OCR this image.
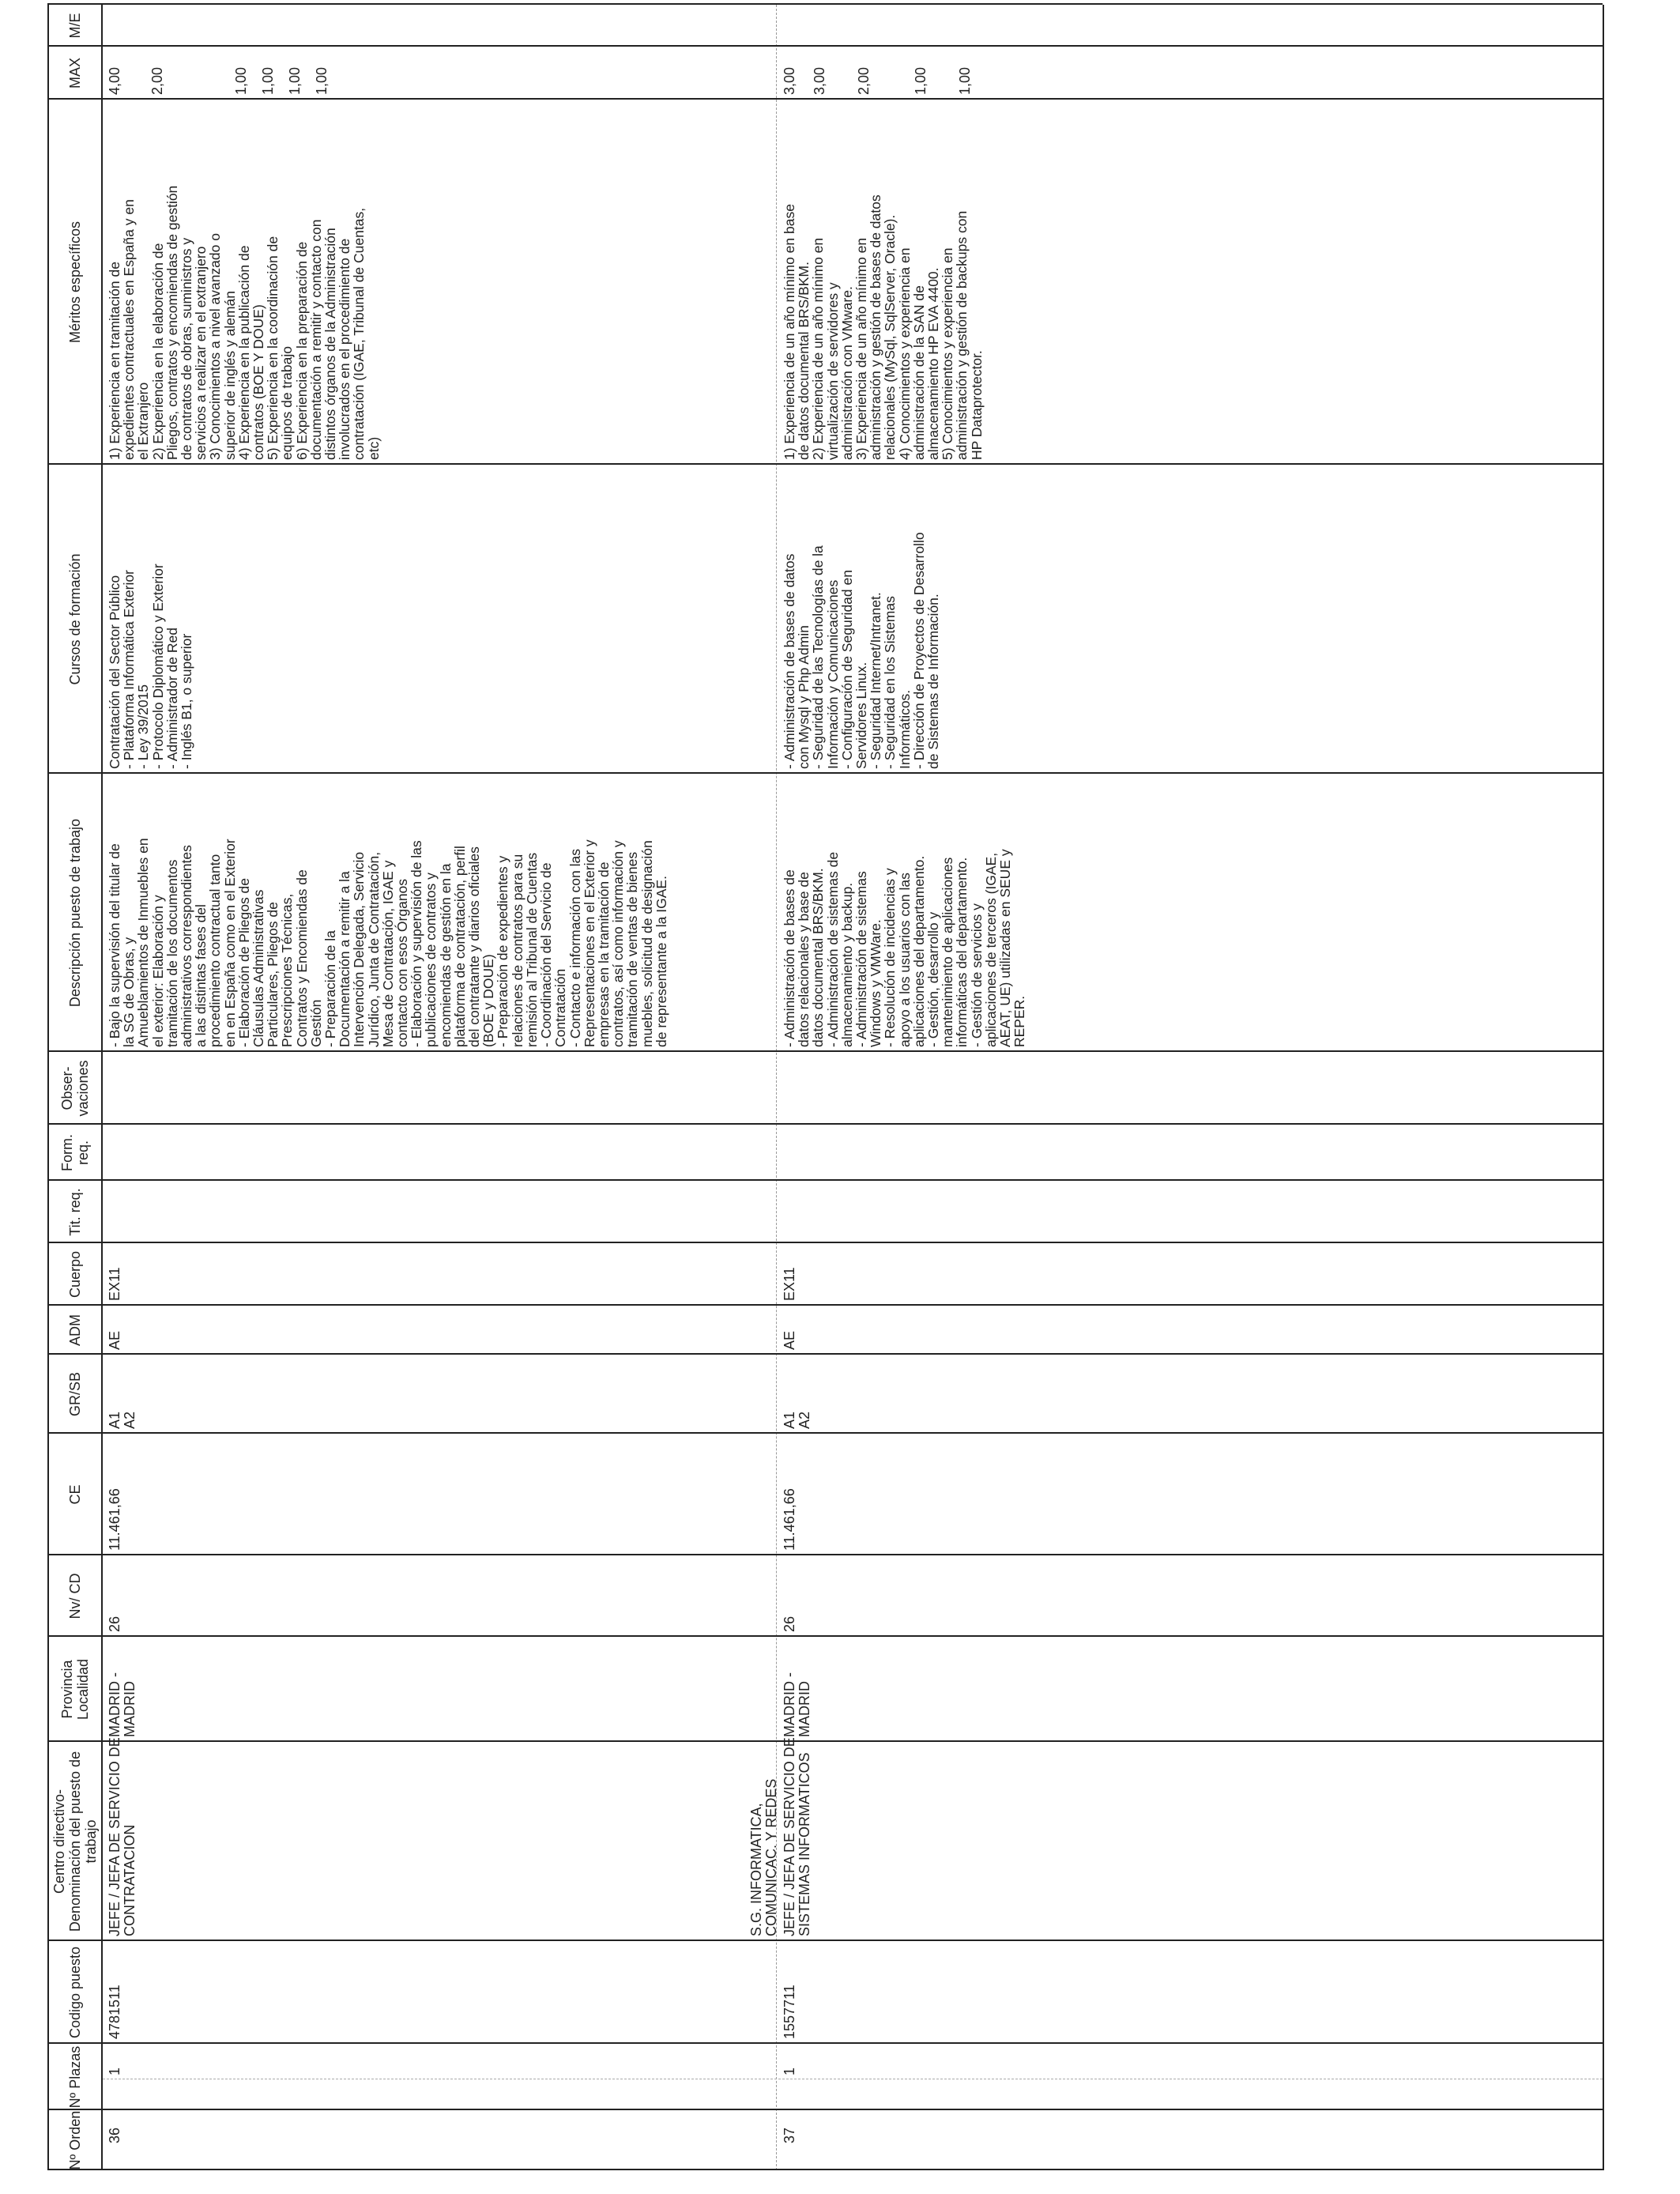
Nº Orden
Nº Plazas
Codigo puesto
Centro directivo- Denominación del puesto de trabajo
Provincia Localidad
Nv/ CD
CE
GR/SB
ADM
Cuerpo
Tit. req.
Form. req.
Obser- vaciones
Descripción puesto de trabajo
Cursos de formación
Méritos específicos
MAX
M/E
36
1
4781511
JEFE / JEFA DE SERVICIO DE
CONTRATACION
MADRID -
MADRID
26
11.461,66
A1
A2
AE
EX11
- Bajo la supervisión del titular de
la SG de Obras, y
Amueblamientos de Inmuebles en
el exterior: Elaboración y
tramitación de los documentos
administrativos correspondientes
a las distintas fases del
procedimiento contractual tanto
en en España como en el Exterior
- Elaboración de Pliegos de
Cláusulas Administrativas
Particulares, Pliegos de
Prescripciones Técnicas,
Contratos y Encomiendas de
Gestión
- Preparación de la
Documentación a remitir a la
Intervención Delegada, Servicio
Jurídico, Junta de Contratación,
Mesa de Contratación, IGAE y
contacto con esos Órganos
- Elaboración y supervisión de las
publicaciones de contratos y
encomiendas de gestión en la
plataforma de contratación, perfil
del contratante y diarios oficiales
(BOE y DOUE)
- Preparación de expedientes y
relaciones de contratos para su
remisión al Tribunal de Cuentas
- Coordinación del Servicio de
Contratación
- Contacto e información con las
Representaciones en el Exterior y
empresas en la tramitación de
contratos, así como información y
tramitación de ventas de bienes
muebles, solicitud de designación
de representante a la IGAE.
Contratación del Sector Público
- Plataforma Informática Exterior
- Ley 39/2015
- Protocolo Diplomático y Exterior
- Administrador de Red
- Inglés B1, o superior
1) Experiencia en tramitación de
expedientes contractuales en España y en
el Extranjero
2) Experiencia en la elaboración de
Pliegos, contratos y encomiendas de gestión
de contratos de obras, suministros y
servicios a realizar en el extranjero
3) Conocimientos a nivel avanzado o
superior de inglés y alemán
4) Experiencia en la publicación de
contratos (BOE Y DOUE)
5) Experiencia en la coordinación de
equipos de trabajo
6) Experiencia en la preparación de
documentación a remitir y contacto con
distintos órganos de la Administración
involucrados en el procedimiento de
contratación (IGAE, Tribunal de Cuentas,
etc)
4,00 2,00	1,00 1,00 1,00 1,00
37
1
1557711
S.G. INFORMATICA,
COMUNICAC. Y REDES
JEFE / JEFA DE SERVICIO DE
SISTEMAS INFORMATICOS
MADRID -
MADRID
26
11.461,66
A1
A2
AE
EX11
- Administración de bases de
datos relacionales y base de
datos documental BRS/BKM.
- Administración de sistemas de
almacenamiento y backup.
- Administración de sistemas
Windows y VMWare.
- Resolución de incidencias y
apoyo a los usuarios con las
aplicaciones del departamento.
- Gestión, desarrollo y
mantenimiento de aplicaciones
informáticas del departamento.
- Gestión de servicios y
aplicaciones de terceros (IGAE,
AEAT, UE) utilizadas en SEUE y
REPER.
- Administración de bases de datos
con Mysql y Php Admin
- Seguridad de las Tecnologías de la
Información y Comunicaciones
- Configuración de Seguridad en
Servidores Linux.
- Seguridad Internet/Intranet.
- Seguridad en los Sistemas
Informáticos.
- Dirección de Proyectos de Desarrollo
de Sistemas de Información.
1) Experiencia de un año mínimo en base
de datos documental BRS/BKM.
2) Experiencia de un año mínimo en
virtualización de servidores y
administración con VMware.
3) Experiencia de un año mínimo en
administración y gestión de bases de datos
relacionales (MySql, SqlServer, Oracle).
4) Conocimientos y experiencia en
administración de la SAN de
almacenamiento HP EVA 4400.
5) Conocimientos y experiencia en
administración y gestión de backups con
HP Dataprotector.
3,00 3,00 2,00	1,00 1,00
